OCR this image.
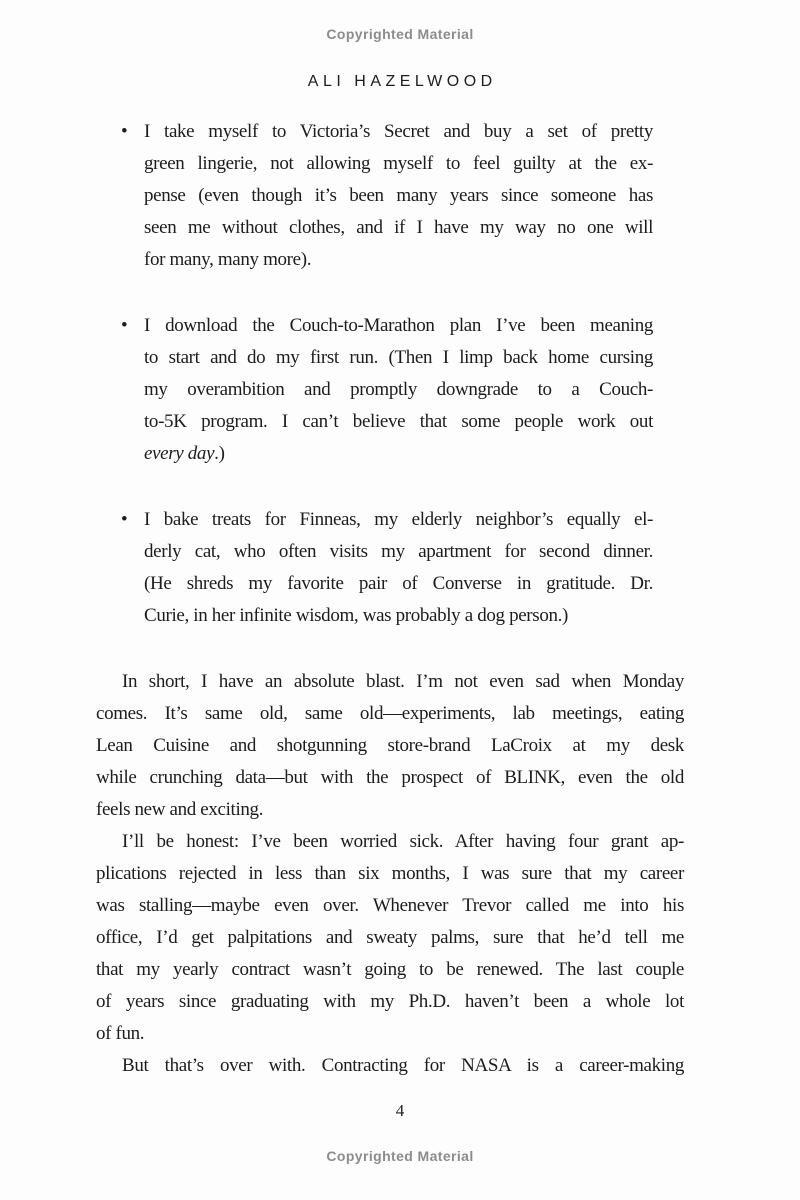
Copyrighted Material
ALI HAZELWOOD
• I take myself to Victoria’s Secret and buy a set of pretty
green lingerie, not allowing myself to feel guilty at the ex-
pense (even though it’s been many years since someone has
seen me without clothes, and if I have my way no one will
for many, many more).
• I download the Couch-to-Marathon plan I’ve been meaning
to start and do my first run. (Then I limp back home cursing
my overambition and promptly downgrade to a Couch-
to-5K program. I can’t believe that some people work out
every day.)
• I bake treats for Finneas, my elderly neighbor’s equally el-
derly cat, who often visits my apartment for second dinner.
(He shreds my favorite pair of Converse in gratitude. Dr.
Curie, in her infinite wisdom, was probably a dog person.)
In short, I have an absolute blast. I’m not even sad when Monday
comes. It’s same old, same old—experiments, lab meetings, eating
Lean Cuisine and shotgunning store-brand LaCroix at my desk
while crunching data—but with the prospect of BLINK, even the old
feels new and exciting.
I’ll be honest: I’ve been worried sick. After having four grant ap-
plications rejected in less than six months, I was sure that my career
was stalling—maybe even over. Whenever Trevor called me into his
office, I’d get palpitations and sweaty palms, sure that he’d tell me
that my yearly contract wasn’t going to be renewed. The last couple
of years since graduating with my Ph.D. haven’t been a whole lot
of fun.
But that’s over with. Contracting for NASA is a career-making
4
Copyrighted Material
